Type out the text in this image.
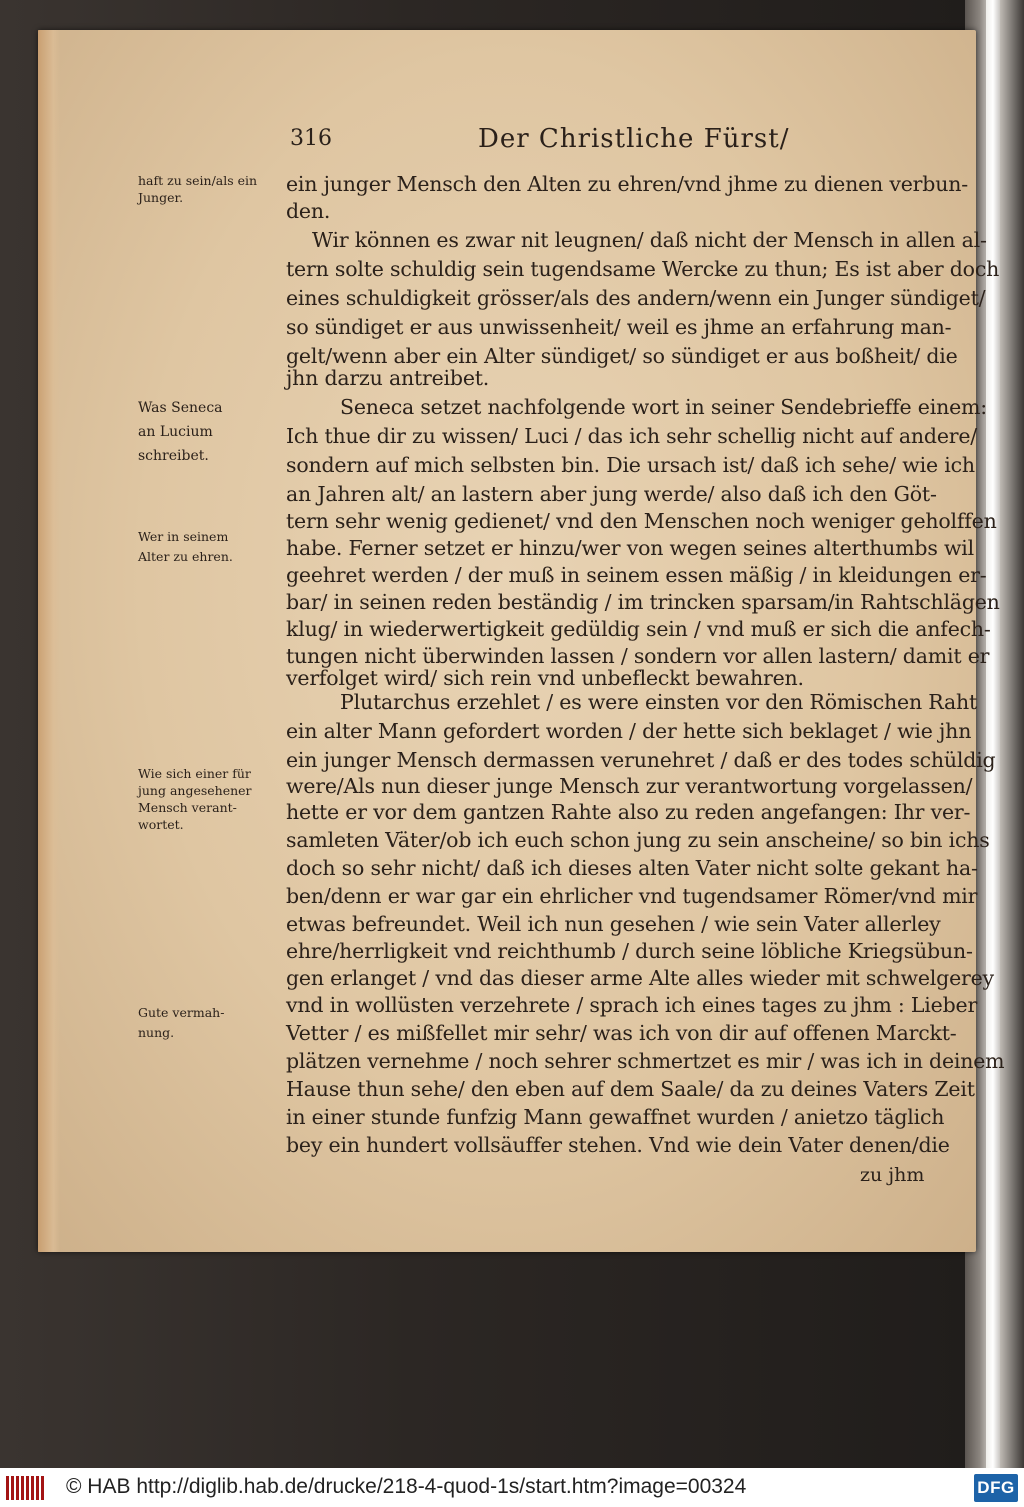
316	Der Christliche Fürst/
ein junger Mensch den Alten zu ehren/vnd jhme zu dienen verbun-
den.
Wir können es zwar nit leugnen/ daß nicht der Mensch in allen al-
tern solte schuldig sein tugendsame Wercke zu thun; Es ist aber doch
eines schuldigkeit grösser/als des andern/wenn ein Junger sündiget/
so sündiget er aus unwissenheit/ weil es jhme an erfahrung man-
gelt/wenn aber ein Alter sündiget/ so sündiget er aus boßheit/ die
jhn darzu antreibet.
Seneca setzet nachfolgende wort in seiner Sendebrieffe einem:
Ich thue dir zu wissen/ Luci / das ich sehr schellig nicht auf andere/
sondern auf mich selbsten bin. Die ursach ist/ daß ich sehe/ wie ich
an Jahren alt/ an lastern aber jung werde/ also daß ich den Göt-
tern sehr wenig gedienet/ vnd den Menschen noch weniger geholffen
habe. Ferner setzet er hinzu/wer von wegen seines alterthumbs wil
geehret werden / der muß in seinem essen mäßig / in kleidungen er-
bar/ in seinen reden beständig / im trincken sparsam/in Rahtschlägen
klug/ in wiederwertigkeit gedüldig sein / vnd muß er sich die anfech-
tungen nicht überwinden lassen / sondern vor allen lastern/ damit er
verfolget wird/ sich rein vnd unbefleckt bewahren.
Plutarchus erzehlet / es were einsten vor den Römischen Raht
ein alter Mann gefordert worden / der hette sich beklaget / wie jhn
ein junger Mensch dermassen verunehret / daß er des todes schüldig
were/Als nun dieser junge Mensch zur verantwortung vorgelassen/
hette er vor dem gantzen Rahte also zu reden angefangen: Ihr ver-
samleten Väter/ob ich euch schon jung zu sein anscheine/ so bin ichs
doch so sehr nicht/ daß ich dieses alten Vater nicht solte gekant ha-
ben/denn er war gar ein ehrlicher vnd tugendsamer Römer/vnd mir
etwas befreundet. Weil ich nun gesehen / wie sein Vater allerley
ehre/herrligkeit vnd reichthumb / durch seine löbliche Kriegsübun-
gen erlanget / vnd das dieser arme Alte alles wieder mit schwelgerey
vnd in wollüsten verzehrete / sprach ich eines tages zu jhm : Lieber
Vetter / es mißfellet mir sehr/ was ich von dir auf offenen Marckt-
plätzen vernehme / noch sehrer schmertzet es mir / was ich in deinem
Hause thun sehe/ den eben auf dem Saale/ da zu deines Vaters Zeit
in einer stunde funfzig Mann gewaffnet wurden / anietzo täglich
bey ein hundert vollsäuffer stehen. Vnd wie dein Vater denen/die
zu jhm
haft zu sein/als ein
Junger.
Was Seneca
an Lucium
schreibet.
Wer in seinem
Alter zu ehren.
Wie sich einer für
jung angesehener
Mensch verant-
wortet.
Gute vermah-
nung.
© HAB http://diglib.hab.de/drucke/218-4-quod-1s/start.htm?image=00324	DFG
